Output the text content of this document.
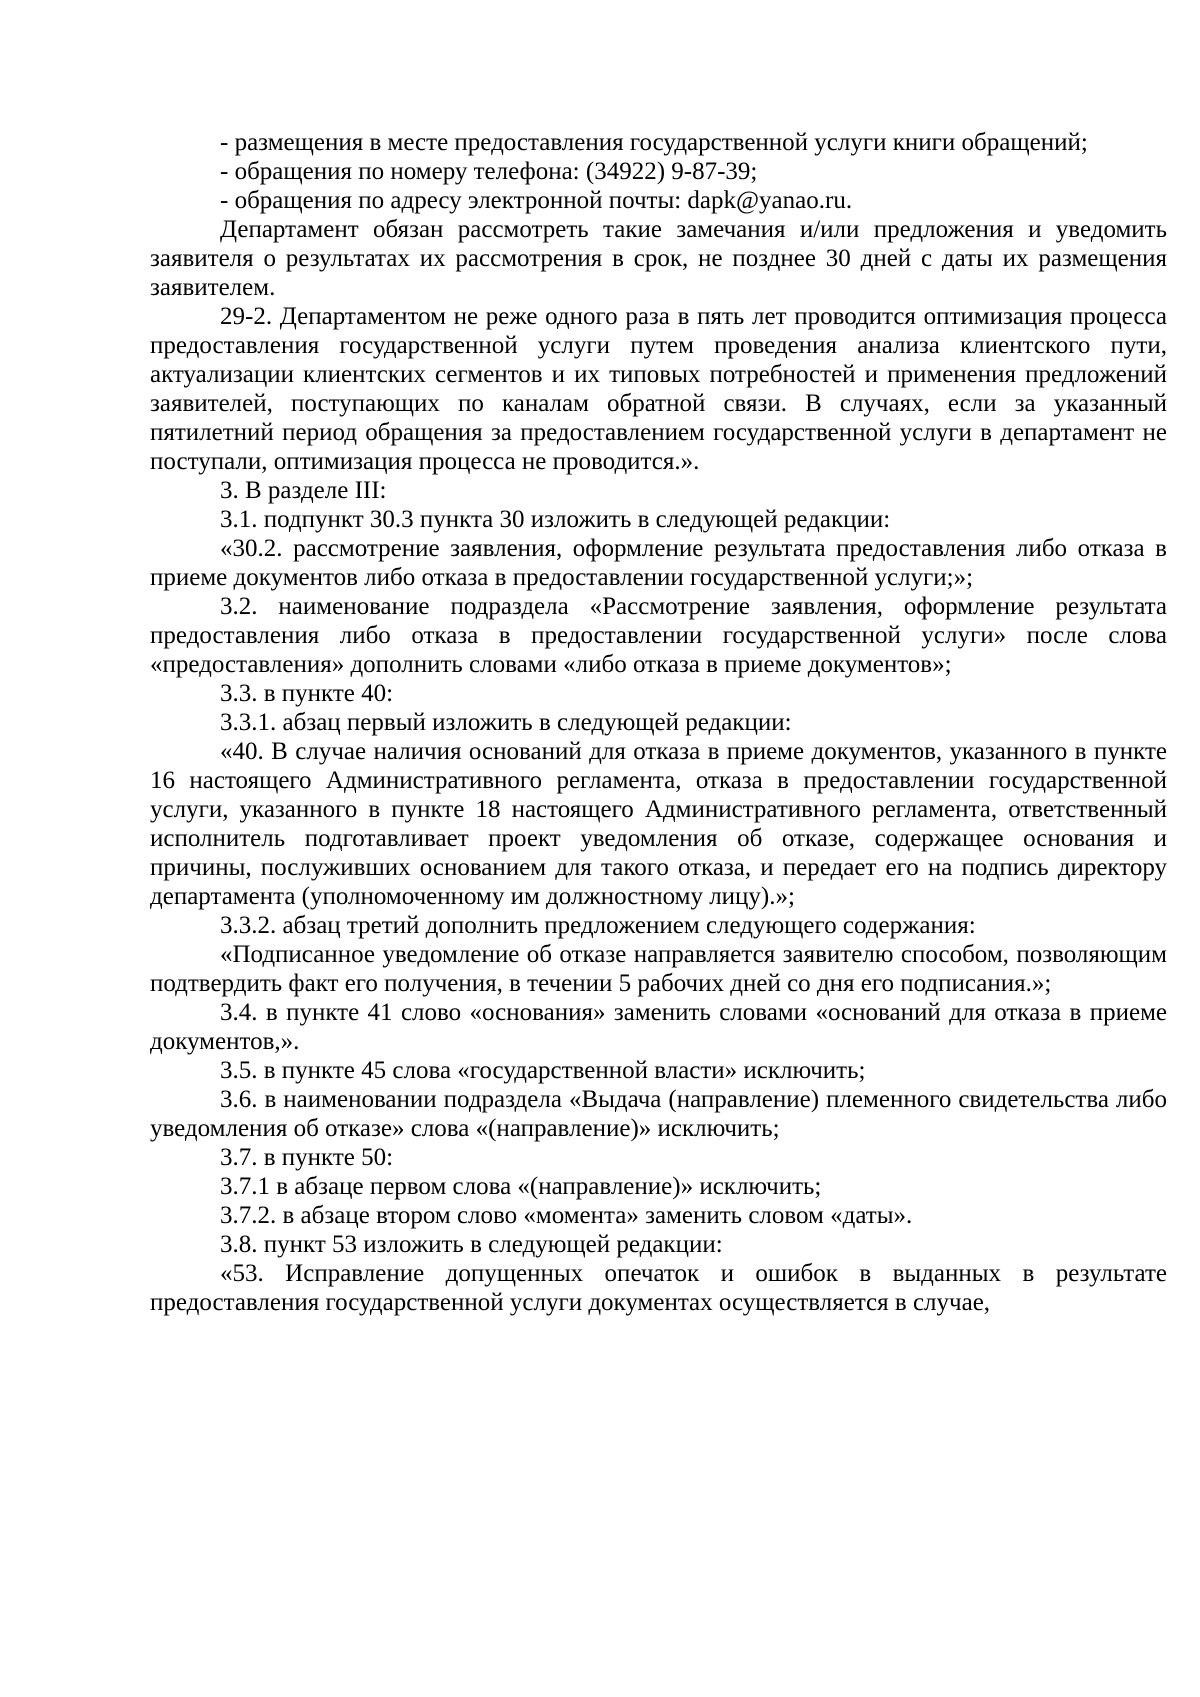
- размещения в месте предоставления государственной услуги книги обращений;

- обращения по номеру телефона: (34922) 9-87-39;

- обращения по адресу электронной почты: dapk@yanao.ru.

Департамент обязан рассмотреть такие замечания и/или предложения и уведомить заявителя о результатах их рассмотрения в срок, не позднее 30 дней с даты их размещения заявителем.

29-2. Департаментом не реже одного раза в пять лет проводится оптимизация процесса предоставления государственной услуги путем проведения анализа клиентского пути, актуализации клиентских сегментов и их типовых потребностей и применения предложений заявителей, поступающих по каналам обратной связи. В случаях, если за указанный пятилетний период обращения за предоставлением государственной услуги в департамент не поступали, оптимизация процесса не проводится.».

3. В разделе III:

3.1. подпункт 30.3 пункта 30 изложить в следующей редакции:

«30.2. рассмотрение заявления, оформление результата предоставления либо отказа в приеме документов либо отказа в предоставлении государственной услуги;»;

3.2. наименование подраздела «Рассмотрение заявления, оформление результата предоставления либо отказа в предоставлении государственной услуги» после слова «предоставления» дополнить словами «либо отказа в приеме документов»;

3.3. в пункте 40:

3.3.1. абзац первый изложить в следующей редакции:

«40. В случае наличия оснований для отказа в приеме документов, указанного в пункте 16 настоящего Административного регламента, отказа в предоставлении государственной услуги, указанного в пункте 18 настоящего Административного регламента, ответственный исполнитель подготавливает проект уведомления об отказе, содержащее основания и причины, послуживших основанием для такого отказа, и передает его на подпись директору департамента (уполномоченному им должностному лицу).»;

3.3.2. абзац третий дополнить предложением следующего содержания:

«Подписанное уведомление об отказе направляется заявителю способом, позволяющим подтвердить факт его получения, в течении 5 рабочих дней со дня его подписания.»;

3.4. в пункте 41 слово «основания» заменить словами «оснований для отказа в приеме документов,».

3.5. в пункте 45 слова «государственной власти» исключить;

3.6. в наименовании подраздела «Выдача (направление) племенного свидетельства либо уведомления об отказе» слова «(направление)» исключить;

3.7. в пункте 50:

3.7.1 в абзаце первом слова «(направление)» исключить;

3.7.2. в абзаце втором слово «момента» заменить словом «даты».

3.8. пункт 53 изложить в следующей редакции:

«53. Исправление допущенных опечаток и ошибок в выданных в результате предоставления государственной услуги документах осуществляется в случае,
